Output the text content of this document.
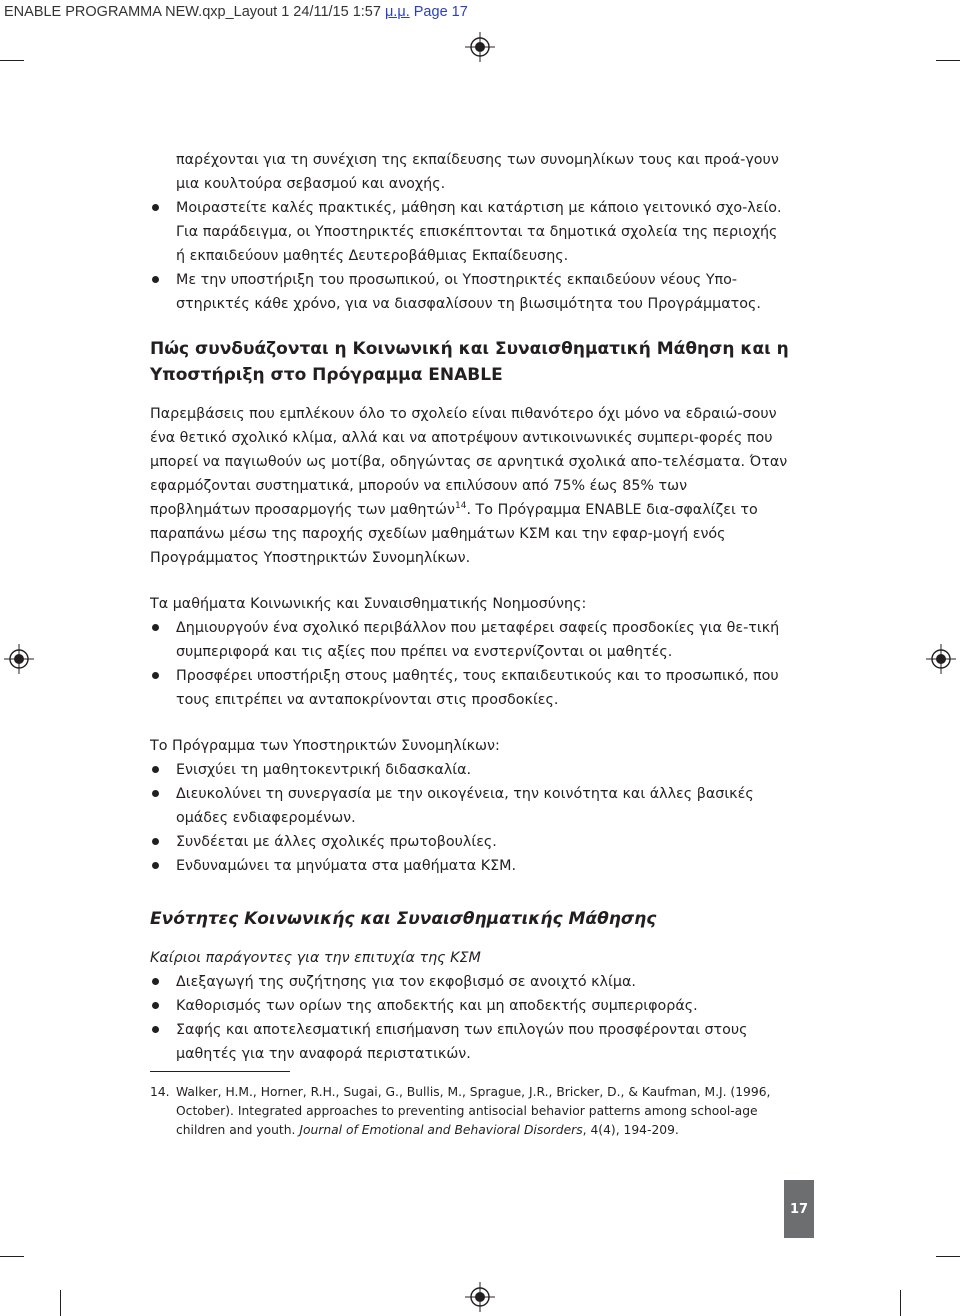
ENABLE PROGRAMMA NEW.qxp_Layout 1 24/11/15 1:57 μ.μ. Page 17
παρέχονται για τη συνέχιση της εκπαίδευσης των συνομηλίκων τους και προά-γουν μια κουλτούρα σεβασμού και ανοχής.
Μοιραστείτε καλές πρακτικές, μάθηση και κατάρτιση με κάποιο γειτονικό σχο-λείο. Για παράδειγμα, οι Υποστηρικτές επισκέπτονται τα δημοτικά σχολεία της περιοχής ή εκπαιδεύουν μαθητές Δευτεροβάθμιας Εκπαίδευσης.
Με την υποστήριξη του προσωπικού, οι Υποστηρικτές εκπαιδεύουν νέους Υπο-στηρικτές κάθε χρόνο, για να διασφαλίσουν τη βιωσιμότητα του Προγράμματος.
Πώς συνδυάζονται η Κοινωνική και Συναισθηματική Μάθηση και η Υποστήριξη στο Πρόγραμμα ENABLE

Παρεμβάσεις που εμπλέκουν όλο το σχολείο είναι πιθανότερο όχι μόνο να εδραιώ-σουν ένα θετικό σχολικό κλίμα, αλλά και να αποτρέψουν αντικοινωνικές συμπερι-φορές που μπορεί να παγιωθούν ως μοτίβα, οδηγώντας σε αρνητικά σχολικά απο-τελέσματα. Όταν εφαρμόζονται συστηματικά, μπορούν να επιλύσουν από 75% έως 85% των προβλημάτων προσαρμογής των μαθητών$^{14}$. Το Πρόγραμμα ENABLE δια-σφαλίζει το παραπάνω μέσω της παροχής σχεδίων μαθημάτων ΚΣΜ και την εφαρ-μογή ενός Προγράμματος Υποστηρικτών Συνομηλίκων.

Τα μαθήματα Κοινωνικής και Συναισθηματικής Νοημοσύνης:

Δημιουργούν ένα σχολικό περιβάλλον που μεταφέρει σαφείς προσδοκίες για θε-τική συμπεριφορά και τις αξίες που πρέπει να ενστερνίζονται οι μαθητές.
Προσφέρει υποστήριξη στους μαθητές, τους εκπαιδευτικούς και το προσωπικό, που τους επιτρέπει να ανταποκρίνονται στις προσδοκίες.

Το Πρόγραμμα των Υποστηρικτών Συνομηλίκων:

Ενισχύει τη μαθητοκεντρική διδασκαλία.
Διευκολύνει τη συνεργασία με την οικογένεια, την κοινότητα και άλλες βασικές ομάδες ενδιαφερομένων.
Συνδέεται με άλλες σχολικές πρωτοβουλίες.
Ενδυναμώνει τα μηνύματα στα μαθήματα ΚΣΜ.
Ενότητες Κοινωνικής και Συναισθηματικής Μάθησης

Καίριοι παράγοντες για την επιτυχία της ΚΣΜ

Διεξαγωγή της συζήτησης για τον εκφοβισμό σε ανοιχτό κλίμα.
Καθορισμός των ορίων της αποδεκτής και μη αποδεκτής συμπεριφοράς.
Σαφής και αποτελεσματική επισήμανση των επιλογών που προσφέρονται στους μαθητές για την αναφορά περιστατικών.
14. Walker, H.M., Horner, R.H., Sugai, G., Bullis, M., Sprague, J.R., Bricker, D., & Kaufman, M.J. (1996, October). Integrated approaches to preventing antisocial behavior patterns among school-age children and youth. Journal of Emotional and Behavioral Disorders, 4(4), 194-209.
17
